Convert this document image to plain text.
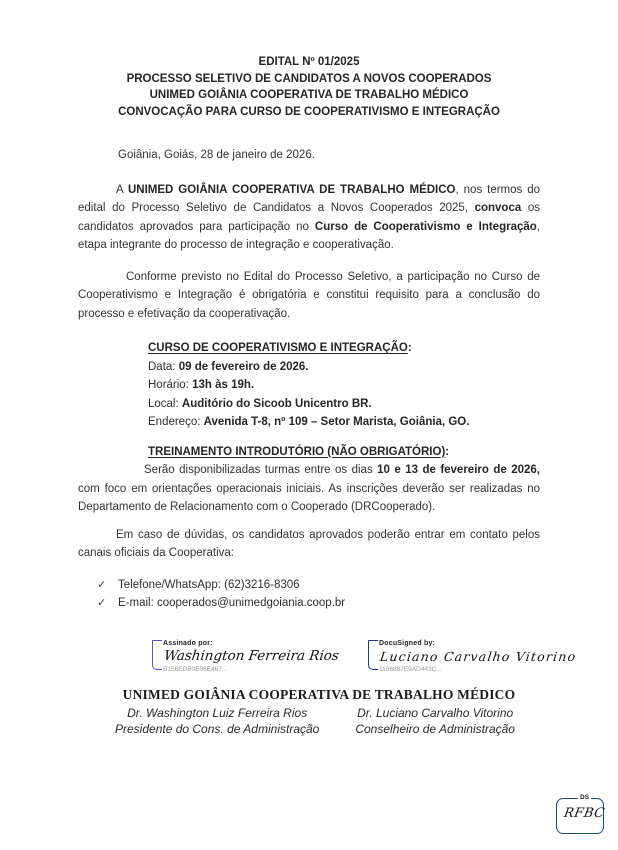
EDITAL Nº 01/2025
PROCESSO SELETIVO DE CANDIDATOS A NOVOS COOPERADOS
UNIMED GOIÂNIA COOPERATIVA DE TRABALHO MÉDICO
CONVOCAÇÃO PARA CURSO DE COOPERATIVISMO E INTEGRAÇÃO
Goiânia, Goiás, 28 de janeiro de 2026.

A UNIMED GOIÂNIA COOPERATIVA DE TRABALHO MÉDICO, nos termos do edital do Processo Seletivo de Candidatos a Novos Cooperados 2025, convoca os candidatos aprovados para participação no Curso de Cooperativismo e Integração, etapa integrante do processo de integração e cooperativação.

Conforme previsto no Edital do Processo Seletivo, a participação no Curso de Cooperativismo e Integração é obrigatória e constitui requisito para a conclusão do processo e efetivação da cooperativação.

CURSO DE COOPERATIVISMO E INTEGRAÇÃO:
Data: 09 de fevereiro de 2026.
Horário: 13h às 19h.
Local: Auditório do Sicoob Unicentro BR.
Endereço: Avenida T-8, nº 109 – Setor Marista, Goiânia, GO.
TREINAMENTO INTRODUTÓRIO (NÃO OBRIGATÓRIO):

Serão disponibilizadas turmas entre os dias 10 e 13 de fevereiro de 2026, com foco em orientações operacionais iniciais. As inscrições deverão ser realizadas no Departamento de Relacionamento com o Cooperado (DRCooperado).

Em caso de dúvidas, os candidatos aprovados poderão entrar em contato pelos canais oficiais da Cooperativa:

✓ Telefone/WhatsApp: (62)3216-8306
✓ E-mail: cooperados@unimedgoiania.coop.br
Assinado por:
Washington Ferreira Rios
B156EDB0E06E467...
DocuSigned by:
Luciano Carvalho Vitorino
1106887E9AD443C...
UNIMED GOIÂNIA COOPERATIVA DE TRABALHO MÉDICO
Dr. Washington Luiz Ferreira Rios
Presidente do Cons. de Administração
Dr. Luciano Carvalho Vitorino
Conselheiro de Administração
DS
RFBC
